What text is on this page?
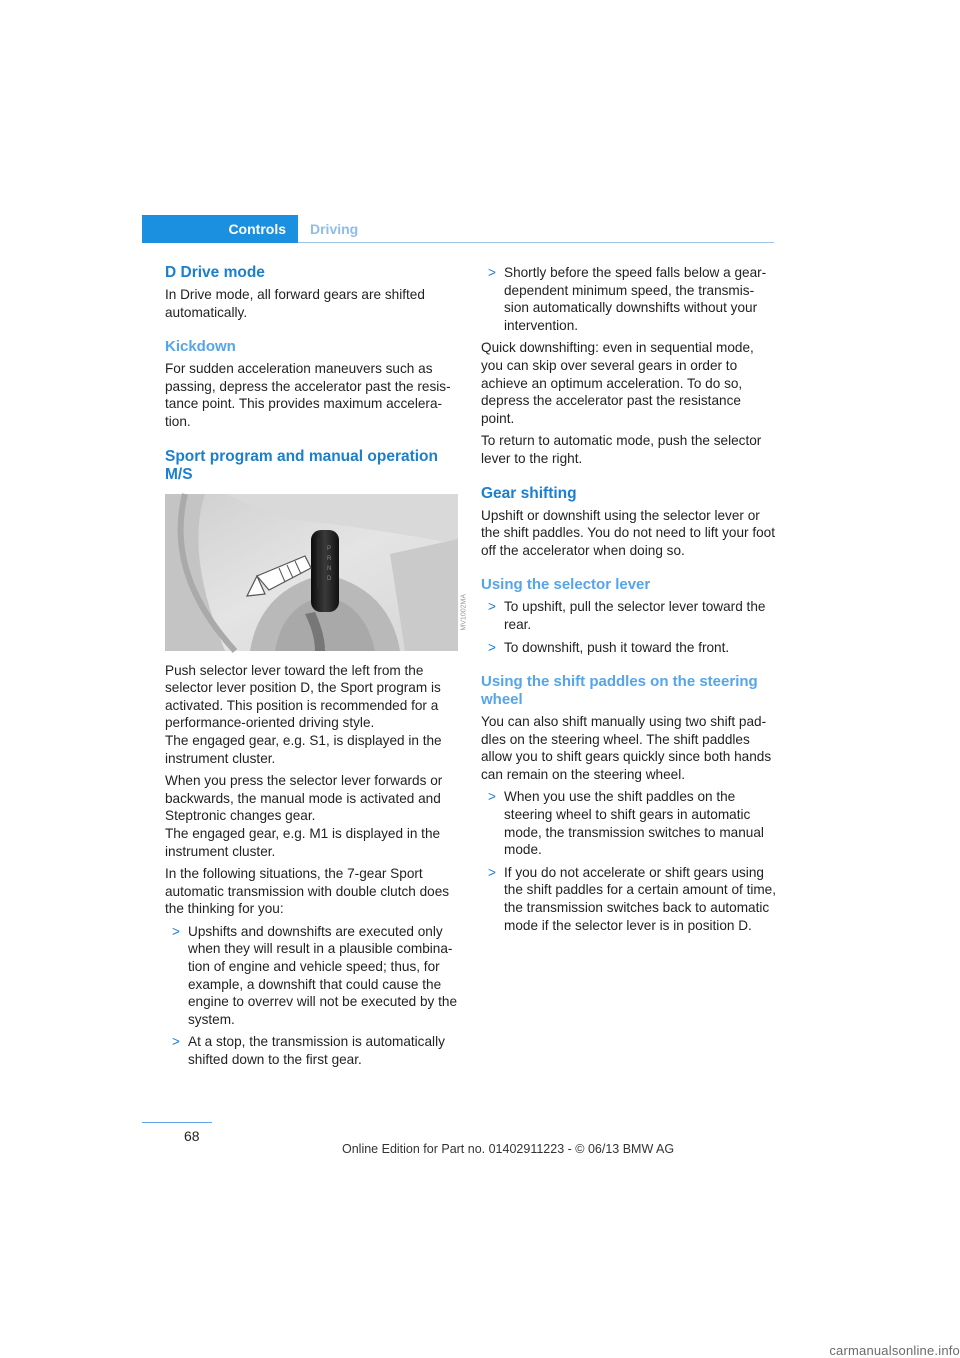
Controls Driving
D Drive mode

In Drive mode, all forward gears are shifted automatically.

Kickdown

For sudden acceleration maneuvers such as passing, depress the accelerator past the resis-tance point. This provides maximum accelera-tion.

Sport program and manual operation M/S
P
R
N
D
MV1002MA

Push selector lever toward the left from the selector lever position D, the Sport program is activated. This position is recommended for a performance-oriented driving style.
The engaged gear, e.g. S1, is displayed in the instrument cluster.

When you press the selector lever forwards or backwards, the manual mode is activated and Steptronic changes gear.
The engaged gear, e.g. M1 is displayed in the instrument cluster.

In the following situations, the 7-gear Sport automatic transmission with double clutch does the thinking for you:

> Upshifts and downshifts are executed only when they will result in a plausible combina-tion of engine and vehicle speed; thus, for example, a downshift that could cause the engine to overrev will not be executed by the system.
> At a stop, the transmission is automatically shifted down to the first gear.
> Shortly before the speed falls below a gear-dependent minimum speed, the transmis-sion automatically downshifts without your intervention.

Quick downshifting: even in sequential mode, you can skip over several gears in order to achieve an optimum acceleration. To do so, depress the accelerator past the resistance point.

To return to automatic mode, push the selector lever to the right.

Gear shifting

Upshift or downshift using the selector lever or the shift paddles. You do not need to lift your foot off the accelerator when doing so.

Using the selector lever
> To upshift, pull the selector lever toward the rear.
> To downshift, push it toward the front.
Using the shift paddles on the steering wheel

You can also shift manually using two shift pad-dles on the steering wheel. The shift paddles allow you to shift gears quickly since both hands can remain on the steering wheel.

> When you use the shift paddles on the steering wheel to shift gears in automatic mode, the transmission switches to manual mode.
> If you do not accelerate or shift gears using the shift paddles for a certain amount of time, the transmission switches back to automatic mode if the selector lever is in position D.
68
Online Edition for Part no. 01402911223 - © 06/13 BMW AG
carmanualsonline.info
